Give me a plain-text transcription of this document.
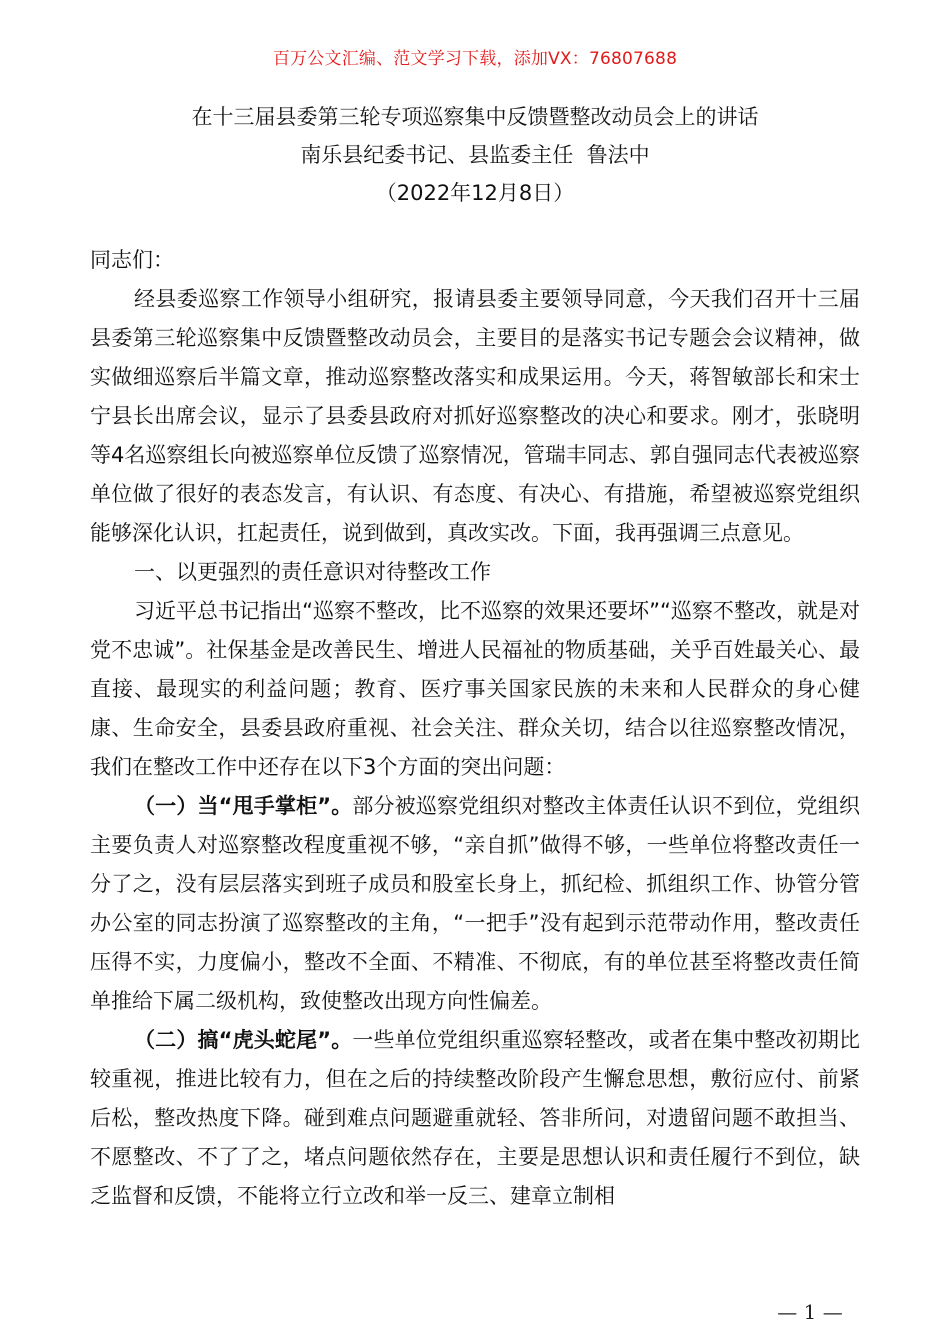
百万公文汇编、范文学习下载，添加VX：76807688
在十三届县委第三轮专项巡察集中反馈暨整改动员会上的讲话
南乐县纪委书记、县监委主任  鲁法中
（2022年12月8日）

同志们：

经县委巡察工作领导小组研究，报请县委主要领导同意，今天我们召开十三届县委第三轮巡察集中反馈暨整改动员会，主要目的是落实书记专题会会议精神，做实做细巡察后半篇文章，推动巡察整改落实和成果运用。今天，蒋智敏部长和宋士宁县长出席会议，显示了县委县政府对抓好巡察整改的决心和要求。刚才，张晓明等4名巡察组长向被巡察单位反馈了巡察情况，管瑞丰同志、郭自强同志代表被巡察单位做了很好的表态发言，有认识、有态度、有决心、有措施，希望被巡察党组织能够深化认识，扛起责任，说到做到，真改实改。下面，我再强调三点意见。

一、以更强烈的责任意识对待整改工作

习近平总书记指出“巡察不整改，比不巡察的效果还要坏”“巡察不整改，就是对党不忠诚”。社保基金是改善民生、增进人民福祉的物质基础，关乎百姓最关心、最直接、最现实的利益问题；教育、医疗事关国家民族的未来和人民群众的身心健康、生命安全，县委县政府重视、社会关注、群众关切，结合以往巡察整改情况，我们在整改工作中还存在以下3个方面的突出问题：

（一）当“甩手掌柜”。部分被巡察党组织对整改主体责任认识不到位，党组织主要负责人对巡察整改程度重视不够，“亲自抓”做得不够，一些单位将整改责任一分了之，没有层层落实到班子成员和股室长身上，抓纪检、抓组织工作、协管分管办公室的同志扮演了巡察整改的主角，“一把手”没有起到示范带动作用，整改责任压得不实，力度偏小，整改不全面、不精准、不彻底，有的单位甚至将整改责任简单推给下属二级机构，致使整改出现方向性偏差。

（二）搞“虎头蛇尾”。一些单位党组织重巡察轻整改，或者在集中整改初期比较重视，推进比较有力，但在之后的持续整改阶段产生懈怠思想，敷衍应付、前紧后松，整改热度下降。碰到难点问题避重就轻、答非所问，对遗留问题不敢担当、不愿整改、不了了之，堵点问题依然存在，主要是思想认识和责任履行不到位，缺乏监督和反馈，不能将立行立改和举一反三、建章立制相

— 1 —
